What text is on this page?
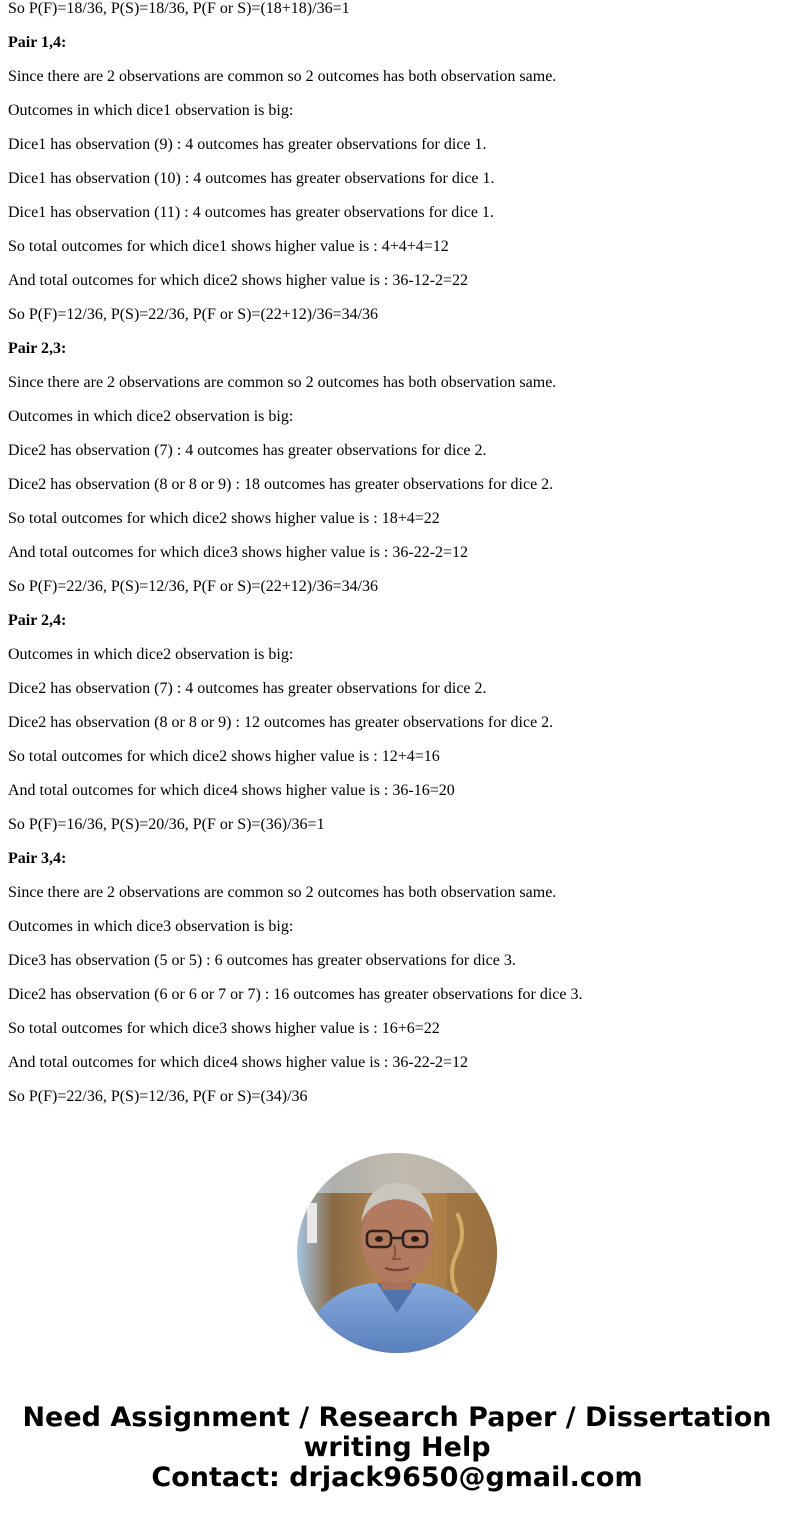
So P(F)=18/36, P(S)=18/36, P(F or S)=(18+18)/36=1

Pair 1,4:

Since there are 2 observations are common so 2 outcomes has both observation same.

Outcomes in which dice1 observation is big:

Dice1 has observation (9) : 4 outcomes has greater observations for dice 1.

Dice1 has observation (10) : 4 outcomes has greater observations for dice 1.

Dice1 has observation (11) : 4 outcomes has greater observations for dice 1.

So total outcomes for which dice1 shows higher value is : 4+4+4=12

And total outcomes for which dice2 shows higher value is : 36-12-2=22

So P(F)=12/36, P(S)=22/36, P(F or S)=(22+12)/36=34/36

Pair 2,3:

Since there are 2 observations are common so 2 outcomes has both observation same.

Outcomes in which dice2 observation is big:

Dice2 has observation (7) : 4 outcomes has greater observations for dice 2.

Dice2 has observation (8 or 8 or 9) : 18 outcomes has greater observations for dice 2.

So total outcomes for which dice2 shows higher value is : 18+4=22

And total outcomes for which dice3 shows higher value is : 36-22-2=12

So P(F)=22/36, P(S)=12/36, P(F or S)=(22+12)/36=34/36

Pair 2,4:

Outcomes in which dice2 observation is big:

Dice2 has observation (7) : 4 outcomes has greater observations for dice 2.

Dice2 has observation (8 or 8 or 9) : 12 outcomes has greater observations for dice 2.

So total outcomes for which dice2 shows higher value is : 12+4=16

And total outcomes for which dice4 shows higher value is : 36-16=20

So P(F)=16/36, P(S)=20/36, P(F or S)=(36)/36=1

Pair 3,4:

Since there are 2 observations are common so 2 outcomes has both observation same.

Outcomes in which dice3 observation is big:

Dice3 has observation (5 or 5) : 6 outcomes has greater observations for dice 3.

Dice2 has observation (6 or 6 or 7 or 7) : 16 outcomes has greater observations for dice 3.

So total outcomes for which dice3 shows higher value is : 16+6=22

And total outcomes for which dice4 shows higher value is : 36-22-2=12

So P(F)=22/36, P(S)=12/36, P(F or S)=(34)/36

Need Assignment / Research Paper / Dissertation
writing Help
Contact: drjack9650@gmail.com
